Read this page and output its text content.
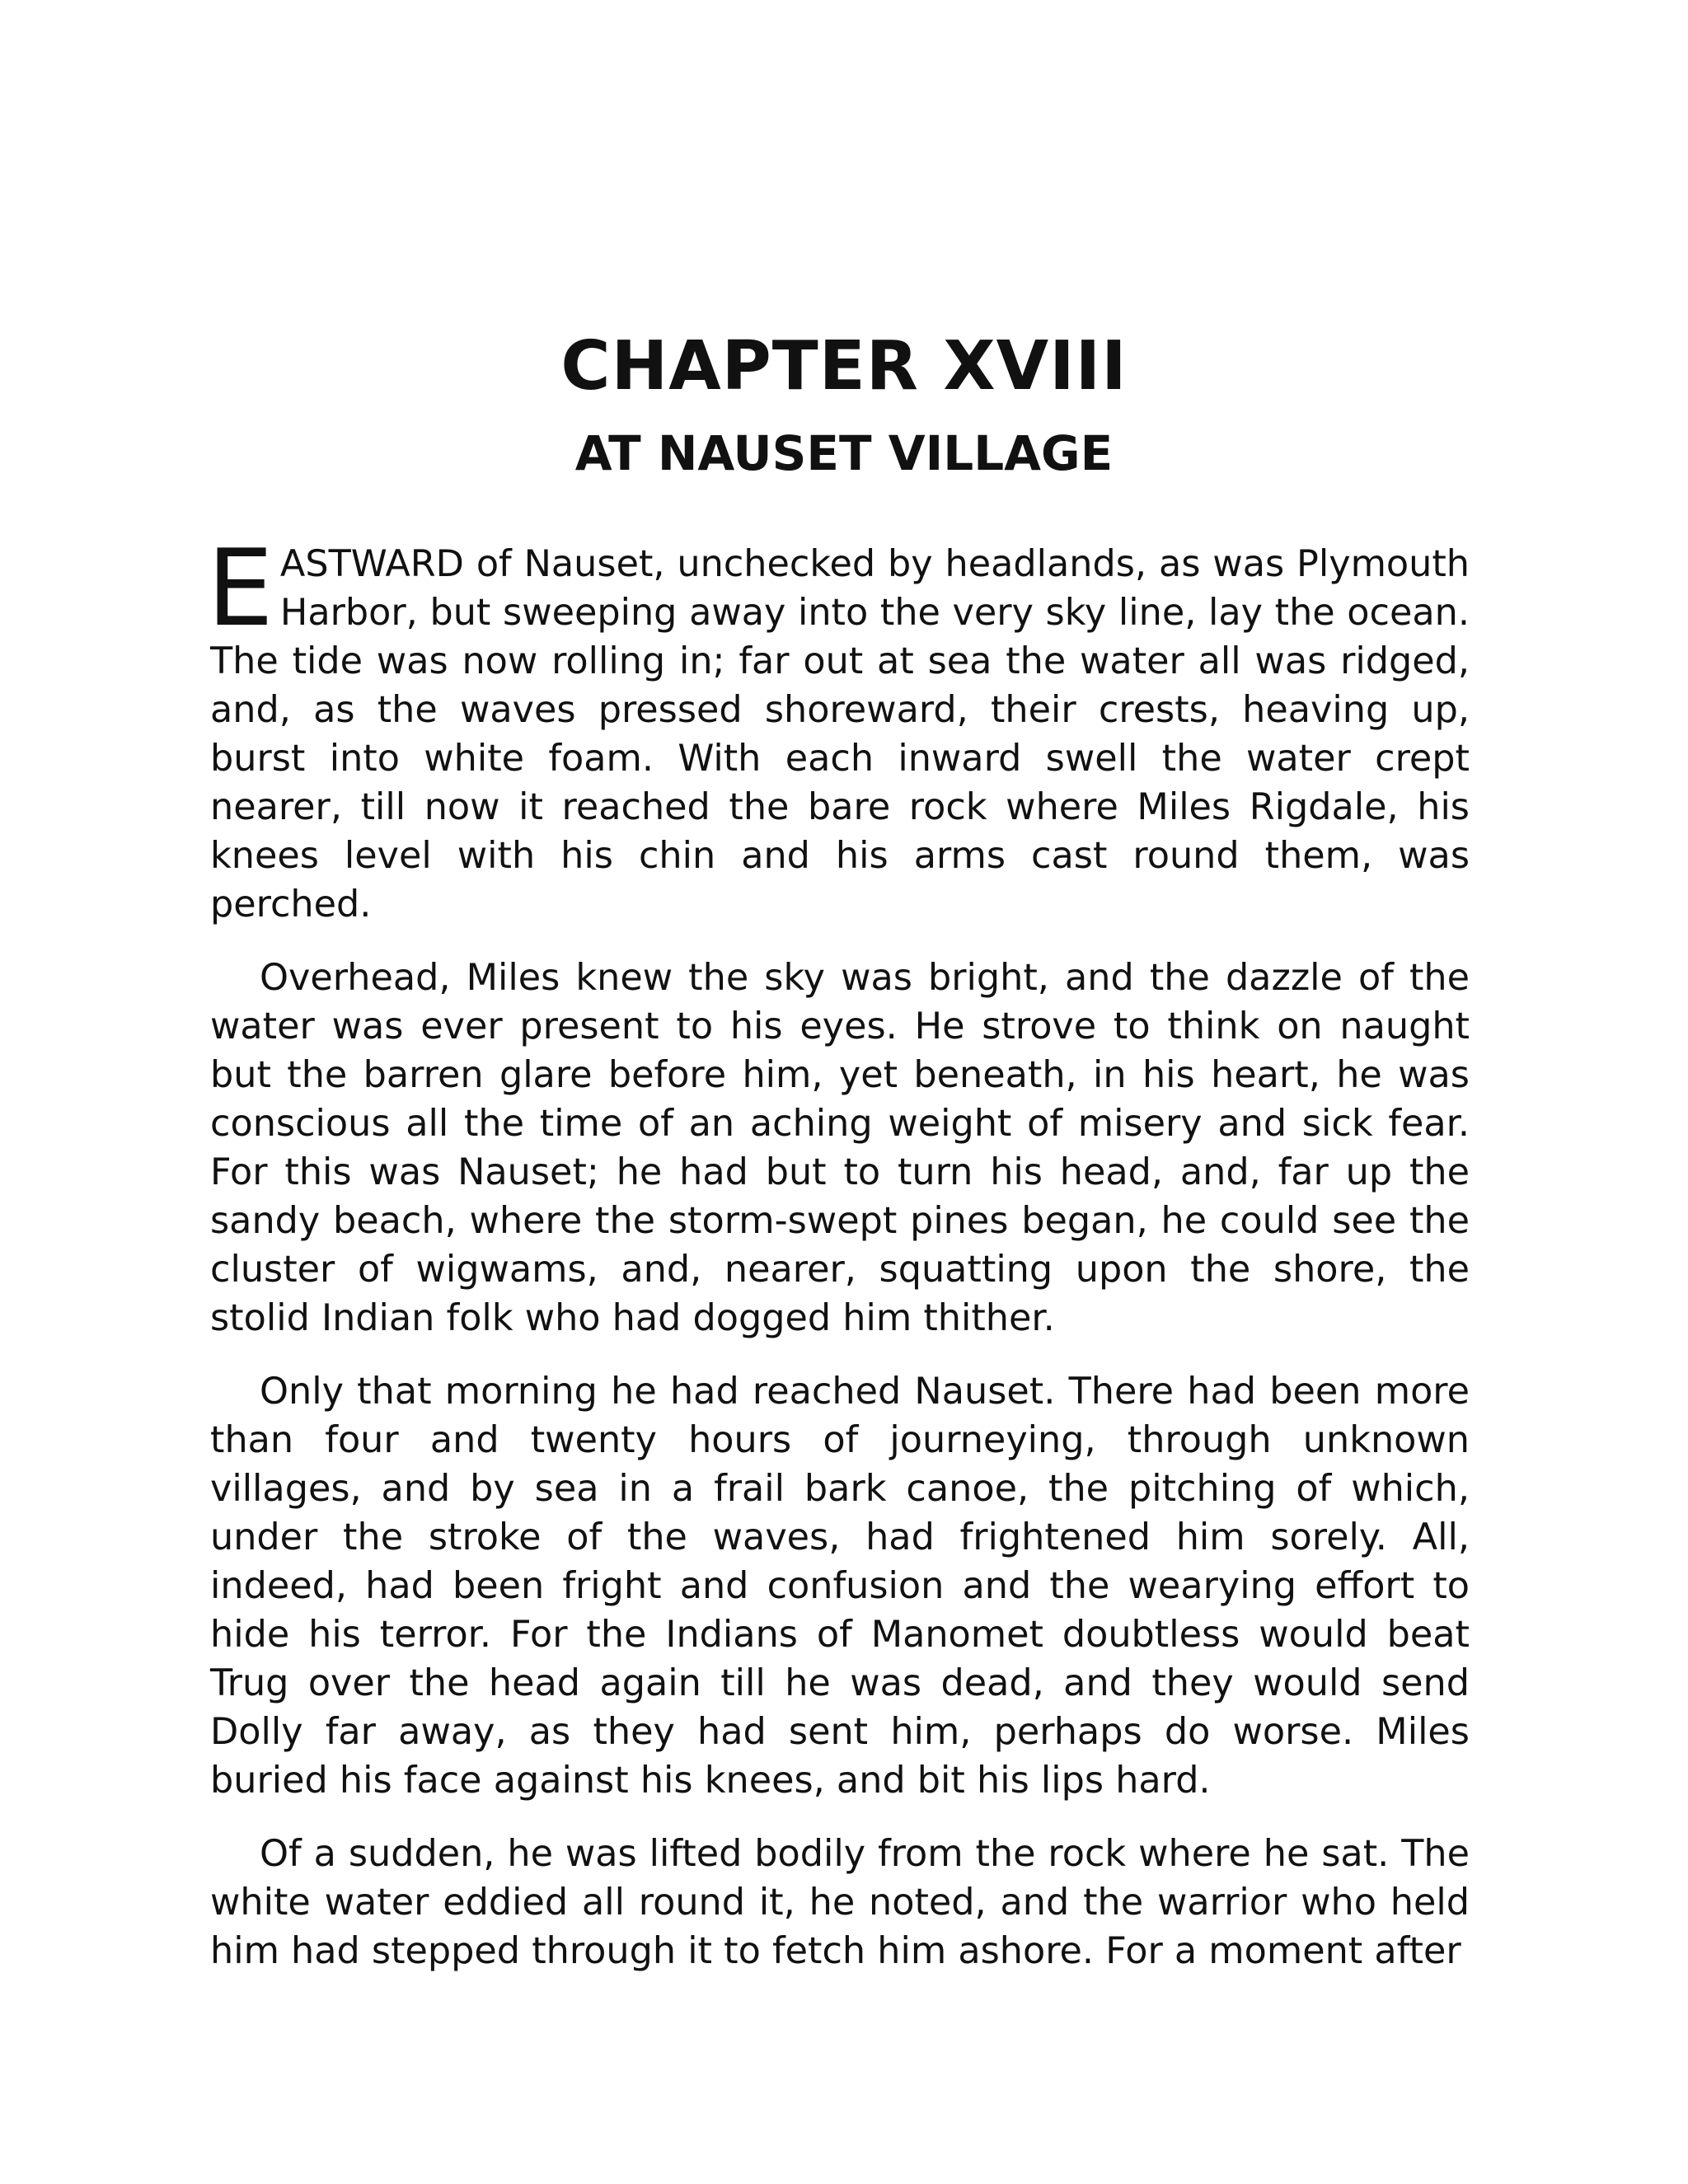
CHAPTER XVIII
AT NAUSET VILLAGE

EASTWARD of Nauset, unchecked by headlands, as was Plymouth Harbor, but sweeping away into the very sky line, lay the ocean. The tide was now rolling in; far out at sea the water all was ridged, and, as the waves pressed shoreward, their crests, heaving up, burst into white foam. With each inward swell the water crept nearer, till now it reached the bare rock where Miles Rigdale, his knees level with his chin and his arms cast round them, was perched.

Overhead, Miles knew the sky was bright, and the dazzle of the water was ever present to his eyes. He strove to think on naught but the barren glare before him, yet beneath, in his heart, he was conscious all the time of an aching weight of misery and sick fear. For this was Nauset; he had but to turn his head, and, far up the sandy beach, where the storm-swept pines began, he could see the cluster of wigwams, and, nearer, squatting upon the shore, the stolid Indian folk who had dogged him thither.

Only that morning he had reached Nauset. There had been more than four and twenty hours of journeying, through unknown villages, and by sea in a frail bark canoe, the pitching of which, under the stroke of the waves, had frightened him sorely. All, indeed, had been fright and confusion and the wearying effort to hide his terror. For the Indians of Manomet doubtless would beat Trug over the head again till he was dead, and they would send Dolly far away, as they had sent him, perhaps do worse. Miles buried his face against his knees, and bit his lips hard.

Of a sudden, he was lifted bodily from the rock where he sat. The white water eddied all round it, he noted, and the warrior who held him had stepped through it to fetch him ashore. For a moment after
